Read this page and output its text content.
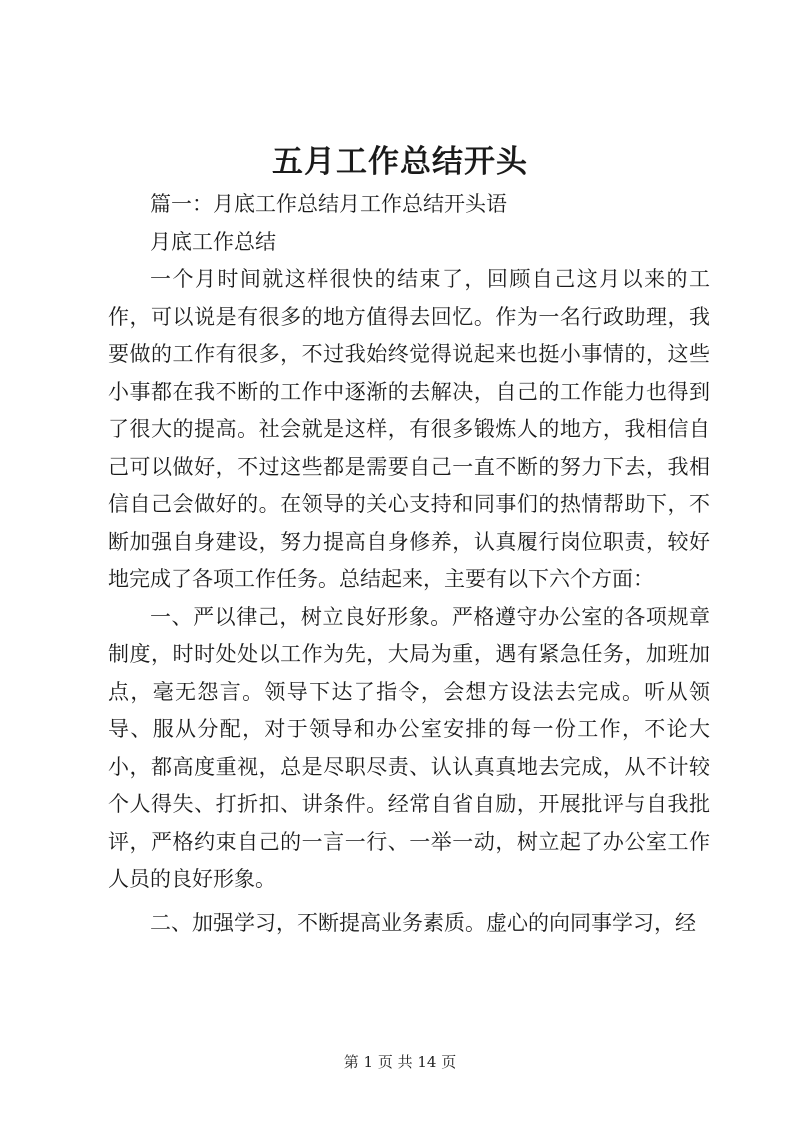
五月工作总结开头

篇一：月底工作总结月工作总结开头语

月底工作总结

一个月时间就这样很快的结束了，回顾自己这月以来的工作，可以说是有很多的地方值得去回忆。作为一名行政助理，我要做的工作有很多，不过我始终觉得说起来也挺小事情的，这些小事都在我不断的工作中逐渐的去解决，自己的工作能力也得到了很大的提高。社会就是这样，有很多锻炼人的地方，我相信自己可以做好，不过这些都是需要自己一直不断的努力下去，我相信自己会做好的。在领导的关心支持和同事们的热情帮助下，不断加强自身建设，努力提高自身修养，认真履行岗位职责，较好地完成了各项工作任务。总结起来，主要有以下六个方面：

一、严以律己，树立良好形象。严格遵守办公室的各项规章制度，时时处处以工作为先，大局为重，遇有紧急任务，加班加点，毫无怨言。领导下达了指令，会想方设法去完成。听从领导、服从分配，对于领导和办公室安排的每一份工作，不论大小，都高度重视，总是尽职尽责、认认真真地去完成，从不计较个人得失、打折扣、讲条件。经常自省自励，开展批评与自我批评，严格约束自己的一言一行、一举一动，树立起了办公室工作人员的良好形象。

二、加强学习，不断提高业务素质。虚心的向同事学习，经

第 1 页 共 14 页
